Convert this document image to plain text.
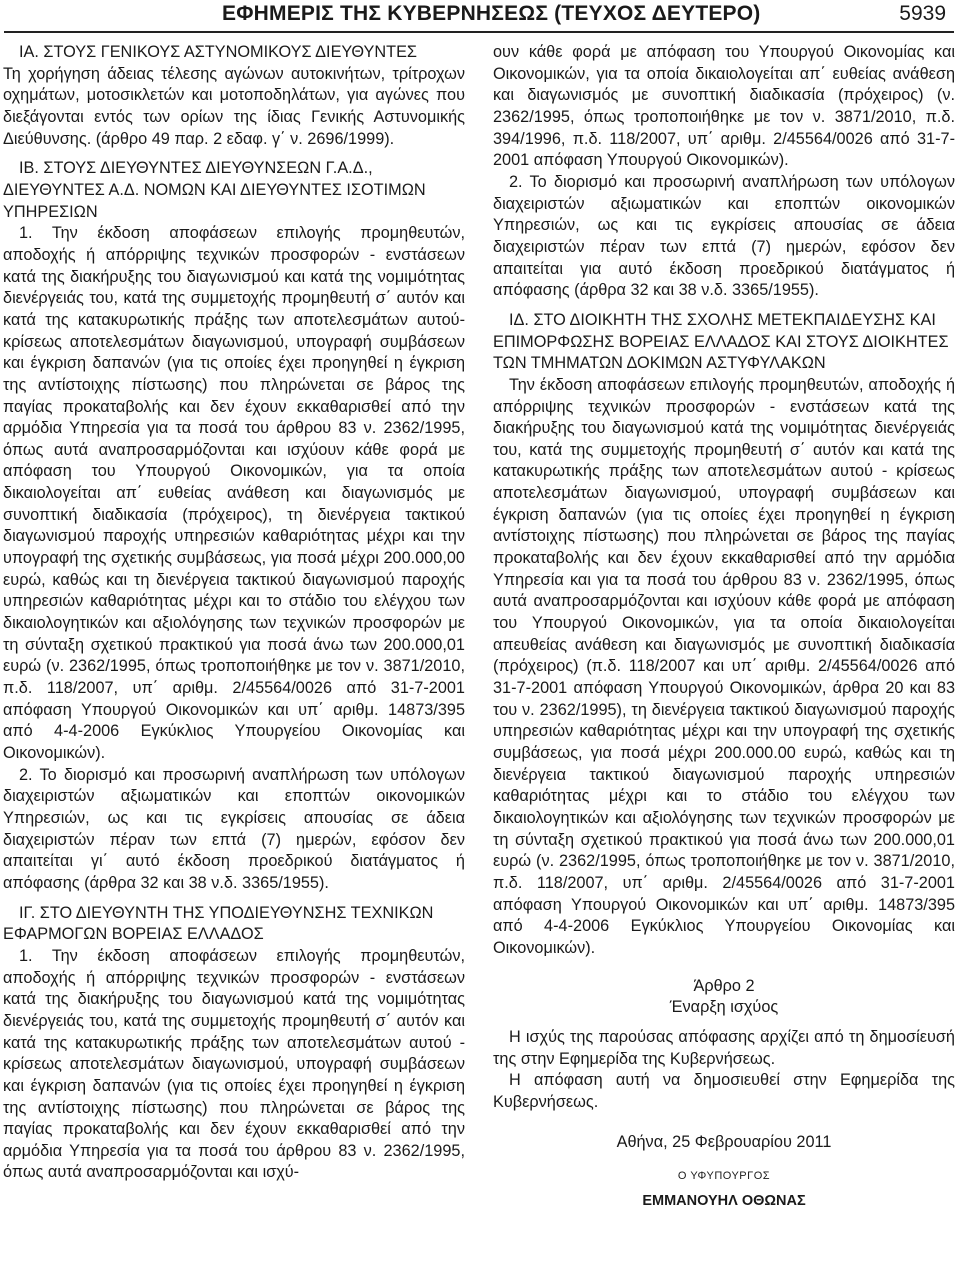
ΕΦΗΜΕΡΙΣ ΤΗΣ ΚΥΒΕΡΝΗΣΕΩΣ (ΤΕΥΧΟΣ ΔΕΥΤΕΡΟ)	5939

ΙΑ. ΣΤΟΥΣ ΓΕΝΙΚΟΥΣ ΑΣΤΥΝΟΜΙΚΟΥΣ ΔΙΕΥΘΥΝΤΕΣ

Τη χορήγηση άδειας τέλεσης αγώνων αυτοκινήτων, τρίτροχων οχημάτων, μοτοσικλετών και μοτοποδηλάτων, για αγώνες που διεξάγονται εντός των ορίων της ίδιας Γενικής Αστυνομικής Διεύθυνσης. (άρθρο 49 παρ. 2 εδαφ. γ΄ ν. 2696/1999).

ΙΒ. ΣΤΟΥΣ ΔΙΕΥΘΥΝΤΕΣ ΔΙΕΥΘΥΝΣΕΩΝ Γ.Α.Δ., ΔΙΕΥΘΥΝΤΕΣ Α.Δ. ΝΟΜΩΝ ΚΑΙ ΔΙΕΥΘΥΝΤΕΣ ΙΣΟΤΙΜΩΝ ΥΠΗΡΕΣΙΩΝ

1. Την έκδοση αποφάσεων επιλογής προμηθευτών, αποδοχής ή απόρριψης τεχνικών προσφορών - ενστάσεων κατά της διακήρυξης του διαγωνισμού και κατά της νομιμότητας διενέργειάς του, κατά της συμμετοχής προμηθευτή σ΄ αυτόν και κατά της κατακυρωτικής πράξης των αποτελεσμάτων αυτού-κρίσεως αποτελεσμάτων διαγωνισμού, υπογραφή συμβάσεων και έγκριση δαπανών (για τις οποίες έχει προηγηθεί η έγκριση της αντίστοιχης πίστωσης) που πληρώνεται σε βάρος της παγίας προκαταβολής και δεν έχουν εκκαθαρισθεί από την αρμόδια Υπηρεσία για τα ποσά του άρθρου 83 ν. 2362/1995, όπως αυτά αναπροσαρμόζονται και ισχύουν κάθε φορά με απόφαση του Υπουργού Οικονομικών, για τα οποία δικαιολογείται απ΄ ευθείας ανάθεση και διαγωνισμός με συνοπτική διαδικασία (πρόχειρος), τη διενέργεια τακτικού διαγωνισμού παροχής υπηρεσιών καθαριότητας μέχρι και την υπογραφή της σχετικής συμβάσεως, για ποσά μέχρι 200.000,00 ευρώ, καθώς και τη διενέργεια τακτικού διαγωνισμού παροχής υπηρεσιών καθαριότητας μέχρι και το στάδιο του ελέγχου των δικαιολογητικών και αξιολόγησης των τεχνικών προσφορών με τη σύνταξη σχετικού πρακτικού για ποσά άνω των 200.000,01 ευρώ (ν. 2362/1995, όπως τροποποιήθηκε με τον ν. 3871/2010, π.δ. 118/2007, υπ΄ αριθμ. 2/45564/0026 από 31-7-2001 απόφαση Υπουργού Οικονομικών και υπ΄ αριθμ. 14873/395 από 4-4-2006 Εγκύκλιος Υπουργείου Οικονομίας και Οικονομικών).

2. Το διορισμό και προσωρινή αναπλήρωση των υπόλογων διαχειριστών αξιωματικών και εποπτών οικονομικών Υπηρεσιών, ως και τις εγκρίσεις απουσίας σε άδεια διαχειριστών πέραν των επτά (7) ημερών, εφόσον δεν απαιτείται γι΄ αυτό έκδοση προεδρικού διατάγματος ή απόφασης (άρθρα 32 και 38 ν.δ. 3365/1955).

ΙΓ. ΣΤΟ ΔΙΕΥΘΥΝΤΗ ΤΗΣ ΥΠΟΔΙΕΥΘΥΝΣΗΣ ΤΕΧΝΙΚΩΝ ΕΦΑΡΜΟΓΩΝ ΒΟΡΕΙΑΣ ΕΛΛΑΔΟΣ

1. Την έκδοση αποφάσεων επιλογής προμηθευτών, αποδοχής ή απόρριψης τεχνικών προσφορών - ενστάσεων κατά της διακήρυξης του διαγωνισμού κατά της νομιμότητας διενέργειάς του, κατά της συμμετοχής προμηθευτή σ΄ αυτόν και κατά της κατακυρωτικής πράξης των αποτελεσμάτων αυτού - κρίσεως αποτελεσμάτων διαγωνισμού, υπογραφή συμβάσεων και έγκριση δαπανών (για τις οποίες έχει προηγηθεί η έγκριση της αντίστοιχης πίστωσης) που πληρώνεται σε βάρος της παγίας προκαταβολής και δεν έχουν εκκαθαρισθεί από την αρμόδια Υπηρεσία για τα ποσά του άρθρου 83 ν. 2362/1995, όπως αυτά αναπροσαρμόζονται και ισχύ-

ουν κάθε φορά με απόφαση του Υπουργού Οικονομίας και Οικονομικών, για τα οποία δικαιολογείται απ΄ ευθείας ανάθεση και διαγωνισμός με συνοπτική διαδικασία (πρόχειρος) (ν. 2362/1995, όπως τροποποιήθηκε με τον ν. 3871/2010, π.δ. 394/1996, π.δ. 118/2007, υπ΄ αριθμ. 2/45564/0026 από 31-7-2001 απόφαση Υπουργού Οικονομικών).

2. Το διορισμό και προσωρινή αναπλήρωση των υπόλογων διαχειριστών αξιωματικών και εποπτών οικονομικών Υπηρεσιών, ως και τις εγκρίσεις απουσίας σε άδεια διαχειριστών πέραν των επτά (7) ημερών, εφόσον δεν απαιτείται για αυτό έκδοση προεδρικού διατάγματος ή απόφασης (άρθρα 32 και 38 ν.δ. 3365/1955).

ΙΔ. ΣΤΟ ΔΙΟΙΚΗΤΗ ΤΗΣ ΣΧΟΛΗΣ ΜΕΤΕΚΠΑΙΔΕΥΣΗΣ ΚΑΙ ΕΠΙΜΟΡΦΩΣΗΣ ΒΟΡΕΙΑΣ ΕΛΛΑΔΟΣ ΚΑΙ ΣΤΟΥΣ ΔΙΟΙΚΗΤΕΣ ΤΩΝ ΤΜΗΜΑΤΩΝ ΔΟΚΙΜΩΝ ΑΣΤΥΦΥΛΑΚΩΝ

Την έκδοση αποφάσεων επιλογής προμηθευτών, αποδοχής ή απόρριψης τεχνικών προσφορών - ενστάσεων κατά της διακήρυξης του διαγωνισμού κατά της νομιμότητας διενέργειάς του, κατά της συμμετοχής προμηθευτή σ΄ αυτόν και κατά της κατακυρωτικής πράξης των αποτελεσμάτων αυτού - κρίσεως αποτελεσμάτων διαγωνισμού, υπογραφή συμβάσεων και έγκριση δαπανών (για τις οποίες έχει προηγηθεί η έγκριση αντίστοιχης πίστωσης) που πληρώνεται σε βάρος της παγίας προκαταβολής και δεν έχουν εκκαθαρισθεί από την αρμόδια Υπηρεσία και για τα ποσά του άρθρου 83 ν. 2362/1995, όπως αυτά αναπροσαρμόζονται και ισχύουν κάθε φορά με απόφαση του Υπουργού Οικονομικών, για τα οποία δικαιολογείται απευθείας ανάθεση και διαγωνισμός με συνοπτική διαδικασία (πρόχειρος) (π.δ. 118/2007 και υπ΄ αριθμ. 2/45564/0026 από 31-7-2001 απόφαση Υπουργού Οικονομικών, άρθρα 20 και 83 του ν. 2362/1995), τη διενέργεια τακτικού διαγωνισμού παροχής υπηρεσιών καθαριότητας μέχρι και την υπογραφή της σχετικής συμβάσεως, για ποσά μέχρι 200.000.00 ευρώ, καθώς και τη διενέργεια τακτικού διαγωνισμού παροχής υπηρεσιών καθαριότητας μέχρι και το στάδιο του ελέγχου των δικαιολογητικών και αξιολόγησης των τεχνικών προσφορών με τη σύνταξη σχετικού πρακτικού για ποσά άνω των 200.000,01 ευρώ (ν. 2362/1995, όπως τροποποιήθηκε με τον ν. 3871/2010, π.δ. 118/2007, υπ΄ αριθμ. 2/45564/0026 από 31-7-2001 απόφαση Υπουργού Οικονομικών και υπ΄ αριθμ. 14873/395 από 4-4-2006 Εγκύκλιος Υπουργείου Οικονομίας και Οικονομικών).

Άρθρο 2

Έναρξη ισχύος

Η ισχύς της παρούσας απόφασης αρχίζει από τη δημοσίευσή της στην Εφημερίδα της Κυβερνήσεως.

Η απόφαση αυτή να δημοσιευθεί στην Εφημερίδα της Κυβερνήσεως.

Αθήνα, 25 Φεβρουαρίου 2011

Ο ΥΦΥΠΟΥΡΓΟΣ
ΕΜΜΑΝΟΥΗΛ ΟΘΩΝΑΣ
